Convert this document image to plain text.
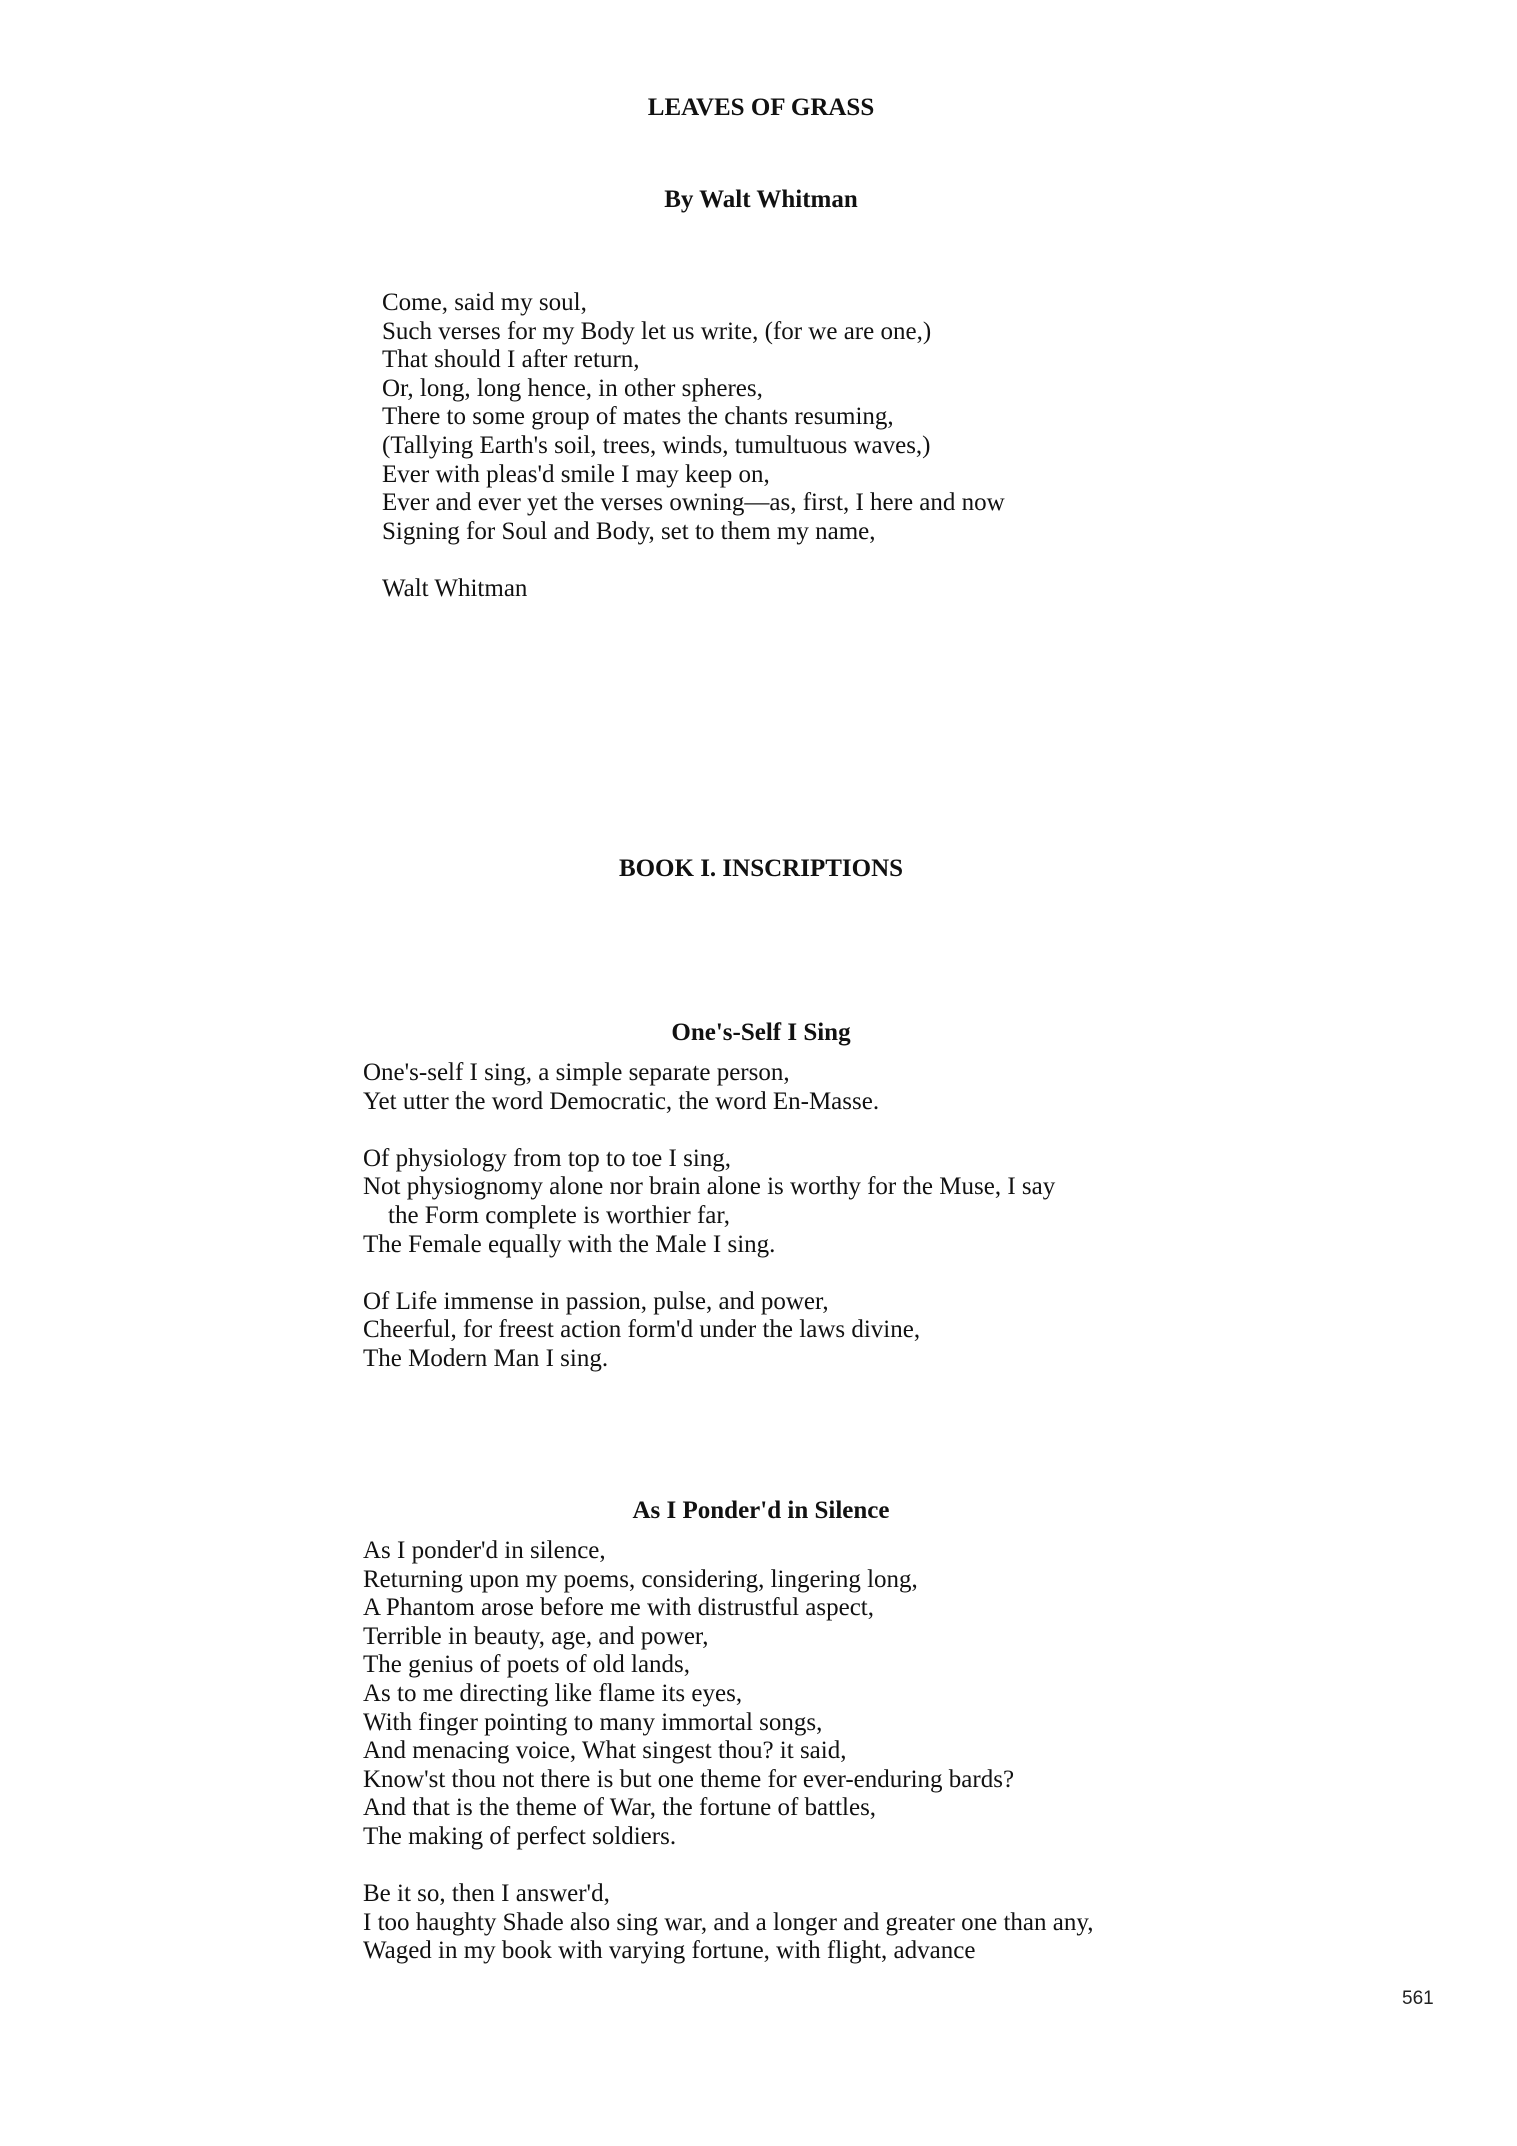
LEAVES OF GRASS
By Walt Whitman
Come, said my soul,
Such verses for my Body let us write, (for we are one,)
That should I after return,
Or, long, long hence, in other spheres,
There to some group of mates the chants resuming,
(Tallying Earth's soil, trees, winds, tumultuous waves,)
Ever with pleas'd smile I may keep on,
Ever and ever yet the verses owning—as, first, I here and now
Signing for Soul and Body, set to them my name,
Walt Whitman
BOOK I. INSCRIPTIONS
One's-Self I Sing
One's-self I sing, a simple separate person,
Yet utter the word Democratic, the word En-Masse.
Of physiology from top to toe I sing,
Not physiognomy alone nor brain alone is worthy for the Muse, I say
the Form complete is worthier far,
The Female equally with the Male I sing.
Of Life immense in passion, pulse, and power,
Cheerful, for freest action form'd under the laws divine,
The Modern Man I sing.
As I Ponder'd in Silence
As I ponder'd in silence,
Returning upon my poems, considering, lingering long,
A Phantom arose before me with distrustful aspect,
Terrible in beauty, age, and power,
The genius of poets of old lands,
As to me directing like flame its eyes,
With finger pointing to many immortal songs,
And menacing voice, What singest thou? it said,
Know'st thou not there is but one theme for ever-enduring bards?
And that is the theme of War, the fortune of battles,
The making of perfect soldiers.
Be it so, then I answer'd,
I too haughty Shade also sing war, and a longer and greater one than any,
Waged in my book with varying fortune, with flight, advance
561
